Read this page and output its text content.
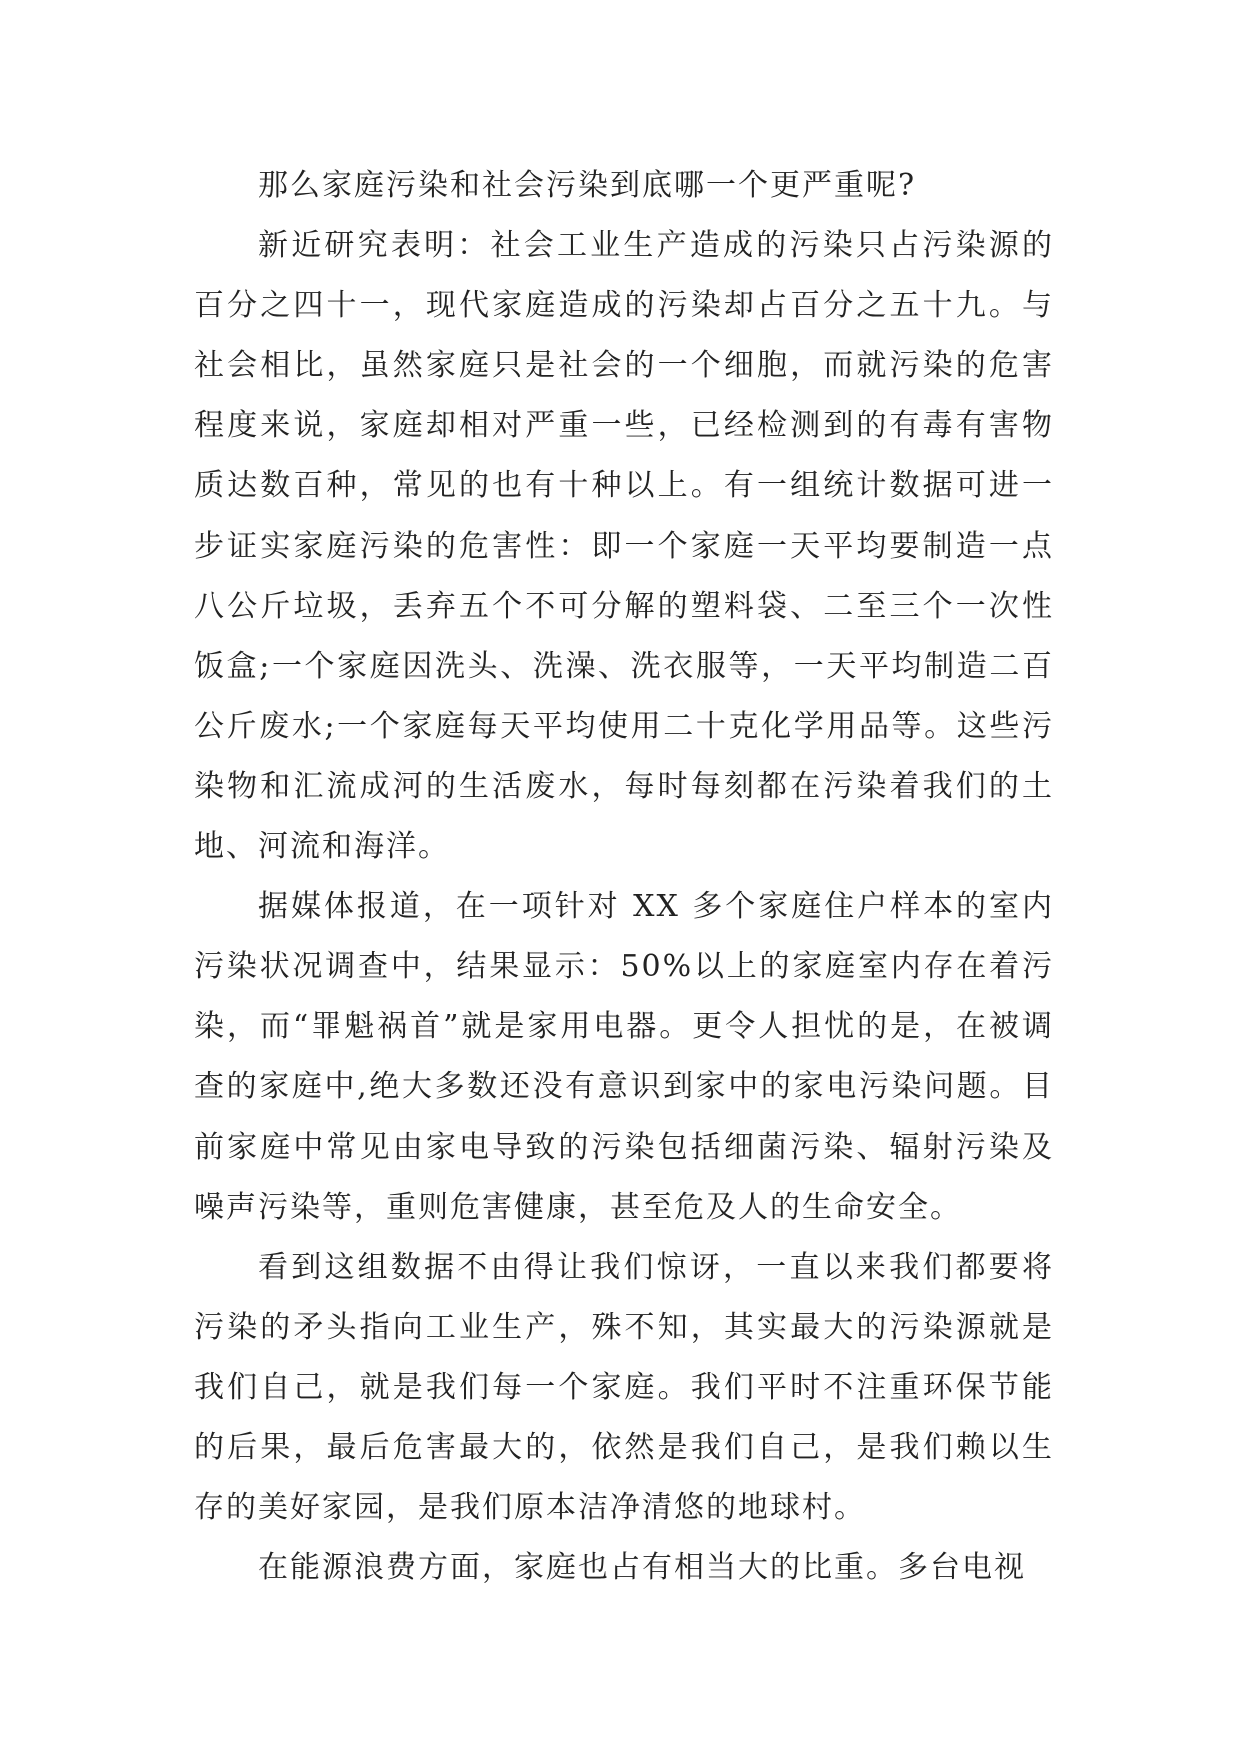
那么家庭污染和社会污染到底哪一个更严重呢?

新近研究表明：社会工业生产造成的污染只占污染源的百分之四十一，现代家庭造成的污染却占百分之五十九。与社会相比，虽然家庭只是社会的一个细胞，而就污染的危害程度来说，家庭却相对严重一些，已经检测到的有毒有害物质达数百种，常见的也有十种以上。有一组统计数据可进一步证实家庭污染的危害性：即一个家庭一天平均要制造一点八公斤垃圾，丢弃五个不可分解的塑料袋、二至三个一次性饭盒;一个家庭因洗头、洗澡、洗衣服等，一天平均制造二百公斤废水;一个家庭每天平均使用二十克化学用品等。这些污染物和汇流成河的生活废水，每时每刻都在污染着我们的土地、河流和海洋。

据媒体报道，在一项针对 XX 多个家庭住户样本的室内污染状况调查中，结果显示：50%以上的家庭室内存在着污染，而“罪魁祸首”就是家用电器。更令人担忧的是，在被调查的家庭中,绝大多数还没有意识到家中的家电污染问题。目前家庭中常见由家电导致的污染包括细菌污染、辐射污染及噪声污染等，重则危害健康，甚至危及人的生命安全。

看到这组数据不由得让我们惊讶，一直以来我们都要将污染的矛头指向工业生产，殊不知，其实最大的污染源就是我们自己，就是我们每一个家庭。我们平时不注重环保节能的后果，最后危害最大的，依然是我们自己，是我们赖以生存的美好家园，是我们原本洁净清悠的地球村。

在能源浪费方面，家庭也占有相当大的比重。多台电视
